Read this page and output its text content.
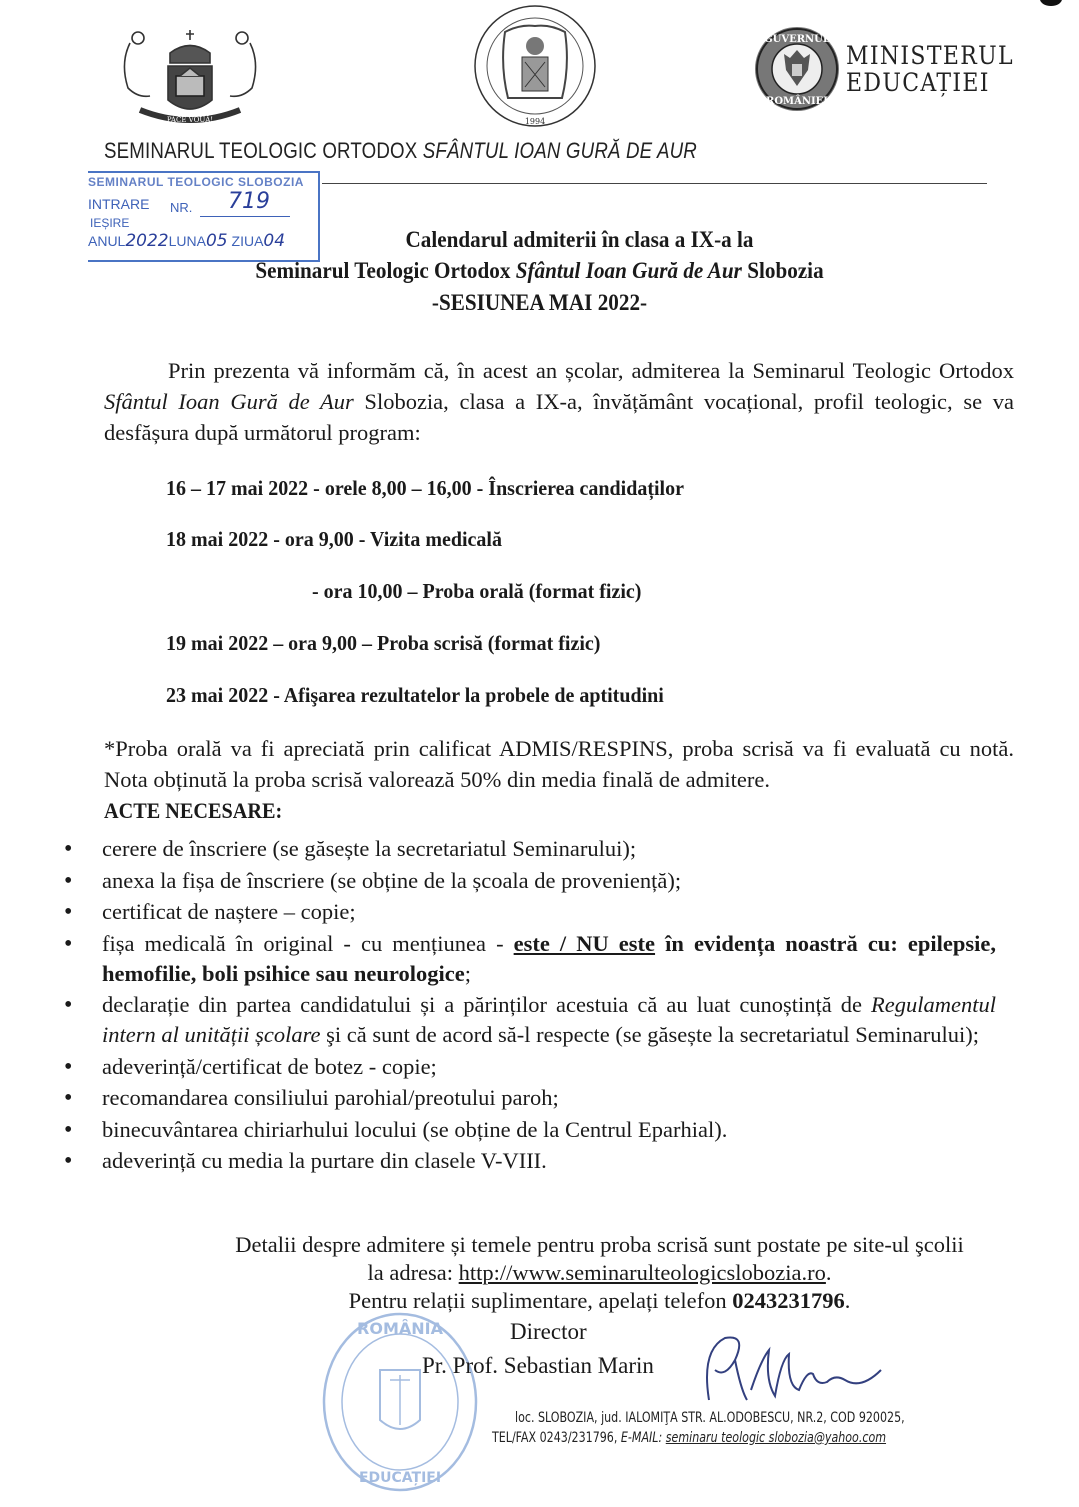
PACE VOUĂ!	1994
GUVERNUL
ROMÂNIEI
MINISTERUL
EDUCAȚIEI
SEMINARUL TEOLOGIC ORTODOX SFÂNTUL IOAN GURĂ DE AUR
SEMINARUL TEOLOGIC SLOBOZIA
INTRARE NR. 719
IEȘIRE
ANUL2022LUNA05 ZIUA04	Calendarul admiterii în clasa a IX-a la
Seminarul Teologic Ortodox Sfântul Ioan Gură de Aur Slobozia
-SESIUNEA MAI 2022-
Prin prezenta vă informăm că, în acest an școlar, admiterea la Seminarul Teologic Ortodox Sfântul Ioan Gură de Aur Slobozia, clasa a IX-a, învățământ vocațional, profil teologic, se va desfășura după următorul program:
16 – 17 mai 2022 - orele 8,00 – 16,00 - Înscrierea candidaților
18 mai 2022 - ora 9,00 - Vizita medicală
- ora 10,00 – Proba orală (format fizic)
19 mai 2022 – ora 9,00 – Proba scrisă (format fizic)
23 mai 2022 - Afişarea rezultatelor la probele de aptitudini
*Proba orală va fi apreciată prin calificat ADMIS/RESPINS, proba scrisă va fi evaluată cu notă. Nota obținută la proba scrisă valorează 50% din media finală de admitere.
ACTE NECESARE:
• cerere de înscriere (se găsește la secretariatul Seminarului);
• anexa la fișa de înscriere (se obține de la școala de proveniență);
• certificat de naștere – copie;
• fișa medicală în original - cu mențiunea - este / NU este în evidența noastră cu: epilepsie, hemofilie, boli psihice sau neurologice;
• declarație din partea candidatului și a părinților acestuia că au luat cunoștință de Regulamentul intern al unității școlare şi că sunt de acord să-l respecte (se găsește la secretariatul Seminarului);
• adeverință/certificat de botez - copie;
• recomandarea consiliului parohial/preotului paroh;
• binecuvântarea chiriarhului locului (se obține de la Centrul Eparhial).
• adeverință cu media la purtare din clasele V-VIII.
Detalii despre admitere și temele pentru proba scrisă sunt postate pe site-ul şcolii
la adresa: http://www.seminarulteologicslobozia.ro.
Pentru relații suplimentare, apelați telefon 0243231796.
ROMÂNIA
EDUCAȚIEI
Director
Pr. Prof. Sebastian Marin
loc. SLOBOZIA, jud. IALOMIŢA STR. AL.ODOBESCU, NR.2, COD 920025,
TEL/FAX 0243/231796, E-MAIL: seminaru teologic slobozia@yahoo.com
